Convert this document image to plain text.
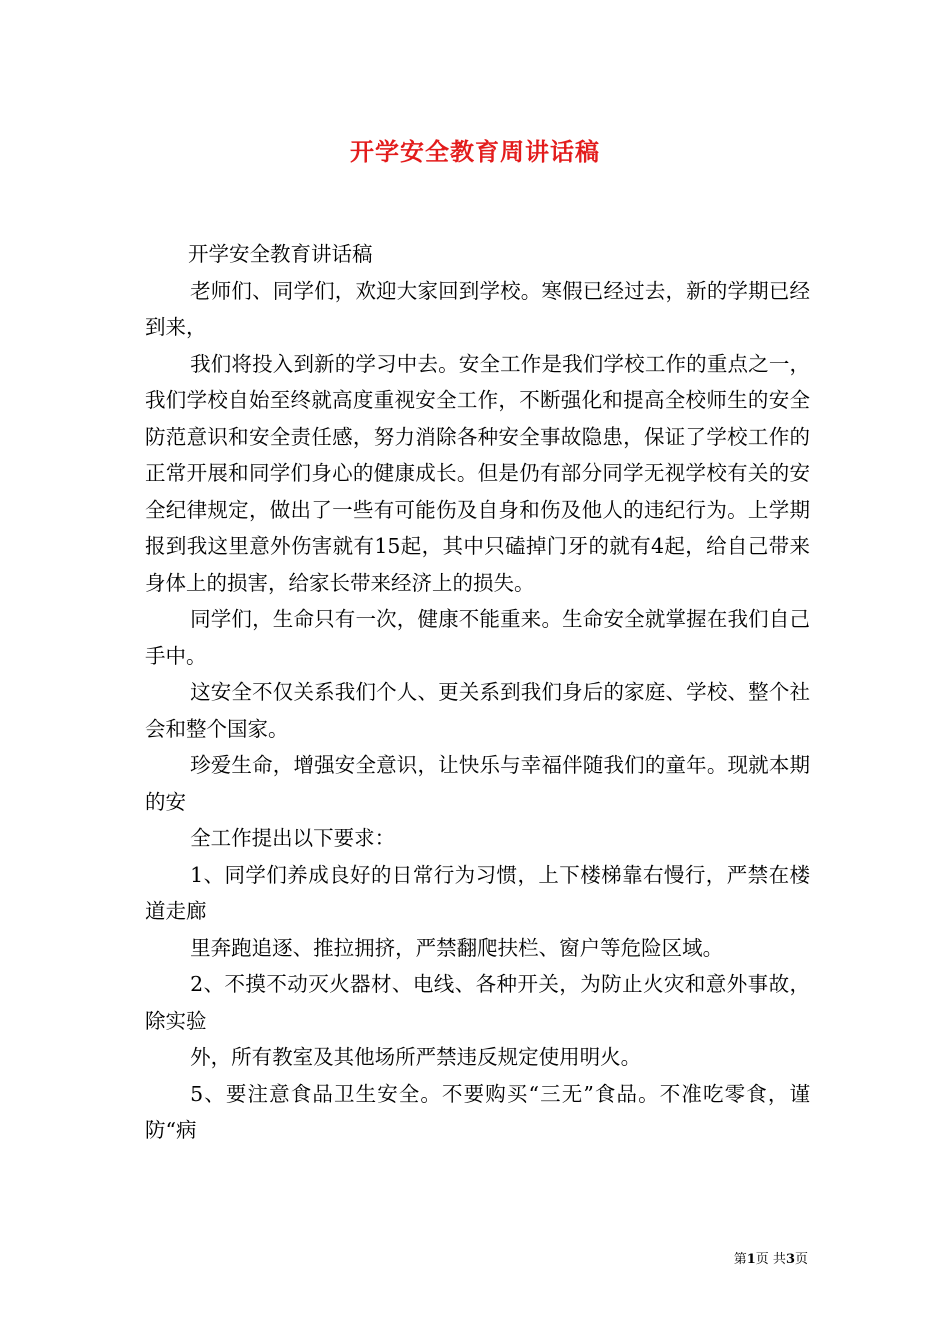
开学安全教育周讲话稿

开学安全教育讲话稿

老师们、同学们，欢迎大家回到学校。寒假已经过去，新的学期已经到来，

我们将投入到新的学习中去。安全工作是我们学校工作的重点之一，我们学校自始至终就高度重视安全工作，不断强化和提高全校师生的安全防范意识和安全责任感，努力消除各种安全事故隐患，保证了学校工作的正常开展和同学们身心的健康成长。但是仍有部分同学无视学校有关的安全纪律规定，做出了一些有可能伤及自身和伤及他人的违纪行为。上学期报到我这里意外伤害就有15起，其中只磕掉门牙的就有4起，给自己带来身体上的损害，给家长带来经济上的损失。

同学们，生命只有一次，健康不能重来。生命安全就掌握在我们自己手中。

这安全不仅关系我们个人、更关系到我们身后的家庭、学校、整个社会和整个国家。

珍爱生命，增强安全意识，让快乐与幸福伴随我们的童年。现就本期的安

全工作提出以下要求：

1、同学们养成良好的日常行为习惯，上下楼梯靠右慢行，严禁在楼道走廊

里奔跑追逐、推拉拥挤，严禁翻爬扶栏、窗户等危险区域。

2、不摸不动灭火器材、电线、各种开关，为防止火灾和意外事故，除实验

外，所有教室及其他场所严禁违反规定使用明火。

5、要注意食品卫生安全。不要购买“三无”食品。不准吃零食，谨防“病

第1页 共3页
